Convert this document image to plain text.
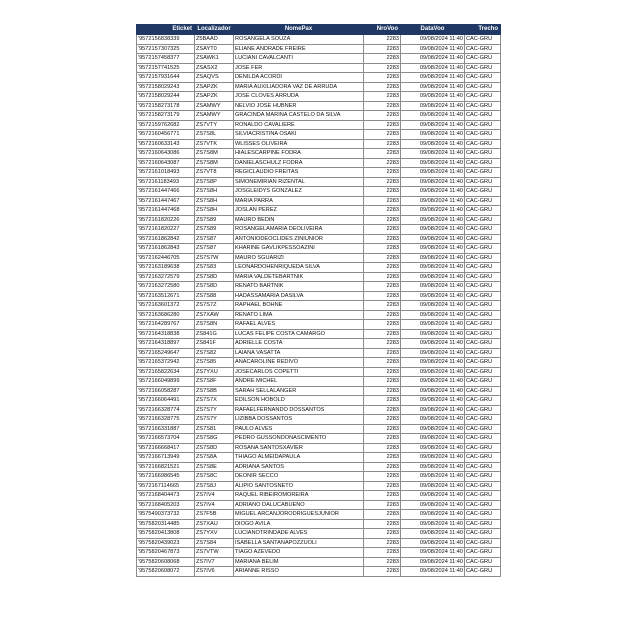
Eticket	Localizador	NomePax	NroVoo	DataVoo	Trecho
'9572156838339	Z5BAAD	ROSANGELA SOUZA	2283	09/08/2024 11:40	CAC-GRU
'9572157307325	ZSAYT0	ELIANE ANDRADE FREIRE	2283	09/08/2024 11:40	CAC-GRU
'9572157458377	ZSAWK1	LUCIANI CAVALCANTI	2283	09/08/2024 11:40	CAC-GRU
'9572157741525	ZSASX2	JOSE FER	2283	09/08/2024 11:40	CAC-GRU
'9572157931644	ZSAQVS	DENILDA ACORDI	2283	09/08/2024 11:40	CAC-GRU
'9572158029243	ZSAPZK	MARIA AUXILIADORA VAZ DE ARRUDA	2283	09/08/2024 11:40	CAC-GRU
'9572158029244	ZSAPZK	JOSE CLOVES ARRUDA	2283	09/08/2024 11:40	CAC-GRU
'9572158273178	ZSAMWY	NELVIO JOSE HUBNER	2283	09/08/2024 11:40	CAC-GRU
'9572158273179	ZSAMWY	GRACINDA MARINA CASTELO DA SILVA	2283	09/08/2024 11:40	CAC-GRU
'9572159762682	ZS7VTY	RONALDO CAVALIERE	2283	09/08/2024 11:40	CAC-GRU
'9572160456771	ZS7S8L	SILVIACRISTINA OSAKI	2283	09/08/2024 11:40	CAC-GRU
'9572160633143	ZS7VTK	WLISSES OLIVEIRA	2283	09/08/2024 11:40	CAC-GRU
'9572160643086	ZS7S8M	HIALESCARPINE FODRA	2283	09/08/2024 11:40	CAC-GRU
'9572160643087	ZS7S8M	DANIELASCHULZ FODRA	2283	09/08/2024 11:40	CAC-GRU
'9572161018493	ZS7VT8	REGICLAUDIO FREITAS	2283	09/08/2024 11:40	CAC-GRU
'9572161183493	ZS7S8P	SIMONEMIRIAN RIZENTAL	2283	09/08/2024 11:40	CAC-GRU
'9572161447466	ZS7S8H	JOSGLEIDYS GONZALEZ	2283	09/08/2024 11:40	CAC-GRU
'9572161447467	ZS7S8H	MARIA PARRA	2283	09/08/2024 11:40	CAC-GRU
'9572161447468	ZS7S8H	JOSLAN PEREZ	2283	09/08/2024 11:40	CAC-GRU
'9572161820226	ZS7S89	MAURO BEDIN	2283	09/08/2024 11:40	CAC-GRU
'9572161820227	ZS7S89	ROSANGELAMARIA DEOLIVEIRA	2283	09/08/2024 11:40	CAC-GRU
'9572161862842	ZS7S87	ANTONIODEOCLIDES ZINIUNIOR	2283	09/08/2024 11:40	CAC-GRU
'9572161862843	ZS7S87	KHARINE GAVLIKPESSOAZINI	2283	09/08/2024 11:40	CAC-GRU
'9572162446705	ZS7S7W	MAURO SGUARIZI	2283	09/08/2024 11:40	CAC-GRU
'9572163189638	ZS7S83	LEONARDOHENRIQUEDA SILVA	2283	09/08/2024 11:40	CAC-GRU
'9572163272579	ZS7S8D	MARIA VALDETEBARTNIK	2283	09/08/2024 11:40	CAC-GRU
'9572163272580	ZS7S8D	RENATO BARTNIK	2283	09/08/2024 11:40	CAC-GRU
'9572163512671	ZS7S88	HADASSAMARIA DASILVA	2283	09/08/2024 11:40	CAC-GRU
'9572163601372	ZS7S7Z	RAPHAEL BOHNE	2283	09/08/2024 11:40	CAC-GRU
'9572163686280	ZS7XAW	RENATO LIMA	2283	09/08/2024 11:40	CAC-GRU
'9572164289767	ZS7S8N	RAFAEL ALVES	2283	09/08/2024 11:40	CAC-GRU
'9572164318838	ZS841G	LUCAS FELIPE COSTA CAMARGO	2283	09/08/2024 11:40	CAC-GRU
'9572164318897	ZS841F	ADRIELLE COSTA	2283	09/08/2024 11:40	CAC-GRU
'9572165249647	ZS7S82	LAIANA VASATTA	2283	09/08/2024 11:40	CAC-GRU
'9572165372942	ZS7S85	ANACAROLINE REDIVO	2283	09/08/2024 11:40	CAC-GRU
'9572165822634	ZS7YXU	JOSECARLOS COPETTI	2283	09/08/2024 11:40	CAC-GRU
'9572166049899	ZS7S8F	ANDRE MICHEL	2283	09/08/2024 11:40	CAC-GRU
'9572166058287	ZS7S8B	SARAH SELLALANGER	2283	09/08/2024 11:40	CAC-GRU
'9572166064491	ZS7S7X	EDILSON HOBOLD	2283	09/08/2024 11:40	CAC-GRU
'9572166328774	ZS7S7Y	RAFAELFERNANDO DOSSANTOS	2283	09/08/2024 11:40	CAC-GRU
'9572166328775	ZS7S7Y	LIZIBBA DOSSANTOS	2283	09/08/2024 11:40	CAC-GRU
'9572166331887	ZS7S81	PAULO ALVES	2283	09/08/2024 11:40	CAC-GRU
'9572166573704	ZS7S8G	PEDRO GUSSONDONASCIMENTO	2283	09/08/2024 11:40	CAC-GRU
'9572166668417	ZS7S8D	ROSANA SANTOSXAVIER	2283	09/08/2024 11:40	CAC-GRU
'9572166713949	ZS7S8A	THIAGO ALMEIDAPAULA	2283	09/08/2024 11:40	CAC-GRU
'9572166821521	ZS7S8E	ADRIANA SANTOS	2283	09/08/2024 11:40	CAC-GRU
'9572166986545	ZS7S8C	DEONIR SECCO	2283	09/08/2024 11:40	CAC-GRU
'9572167114665	ZS7S8J	ALIPIO SANTOSNETO	2283	09/08/2024 11:40	CAC-GRU
'9572168404473	ZS7IV4	RAQUEL RIBEIROMOREIRA	2283	09/08/2024 11:40	CAC-GRU
'9572168405203	ZS7IV4	ADRIANO DALUCABUENO	2283	09/08/2024 11:40	CAC-GRU
'9575490373732	ZS7F5B	MIGUEL ARCANJORODRIGUESJUNIOR	2283	09/08/2024 11:40	CAC-GRU
'9575820314485	ZS7XAU	DIOGO AVILA	2283	09/08/2024 11:40	CAC-GRU
'9575820413808	ZS7YXV	LUCIANOTRINDADE ALVES	2283	09/08/2024 11:40	CAC-GRU
'9575820439023	ZS7S84	ISABELLA SANTANAPOZZUOLI	2283	09/08/2024 11:40	CAC-GRU
'9575820467873	ZS7VTW	TIAGO AZEVEDO	2283	09/08/2024 11:40	CAC-GRU
'9575820608068	ZS7IV7	MARIANA BELIM	2283	09/08/2024 11:40	CAC-GRU
'9575820608072	ZS7IV6	ARIANNE RISSO	2283	09/08/2024 11:40	CAC-GRU
